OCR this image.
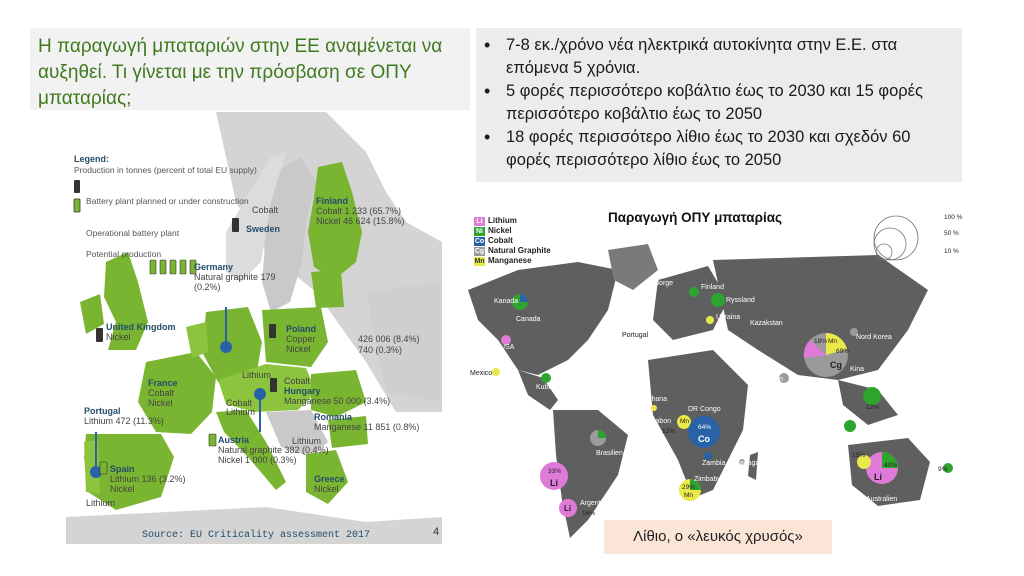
Η παραγωγή μπαταριών στην ΕΕ αναμένεται να αυξηθεί. Τι γίνεται με την πρόσβαση σε ΟΠΥ μπαταρίας;
• 7-8 εκ./χρόνο νέα ηλεκτρικά αυτοκίνητα στην Ε.Ε. στα επόμενα 5 χρόνια.
• 5 φορές περισσότερο κοβάλτιο έως το 2030 και 15 φορές περισσότερο κοβάλτιο έως το 2050
• 18 φορές περισσότερο λίθιο έως το 2030 και σχεδόν 60 φορές περισσότερο λίθιο έως το 2050
Legend:
Production in tonnes (percent of total EU supply)
Battery plant planned or under construction
Operational battery plant
Potential production
Finland
Cobalt 1 233 (65.7%)
Nickel 46 624 (15.8%)
Cobalt
Sweden
Germany
Natural graphite 179
(0.2%)
United Kingdom
Nickel
Poland
Copper
Nickel
426 006 (8.4%)
740 (0.3%)
Lithium
Cobalt
France
Cobalt
Nickel
Hungary
Manganese 50 000 (3.4%)
Cobalt
Lithium
Portugal
Lithium 472 (11.3%)	Romania
Manganese 11 851 (0.8%)
Austria
Natural graphite 382 (0.4%)
Nickel 1 000 (0.3%)
Lithium
Spain
Lithium 136 (3.2%)
Nickel
Greece
Nickel
Lithium
Source: EU Criticality assessment 2017	4
Παραγωγή ΟΠΥ μπαταρίας
Li Lithium
Ni Nickel
Co Cobalt
Cg Natural Graphite
Mn Manganese
100 %
50 %
10 %
Norge
Finland
Ryssland
Ukraina
Kanada
Canada
USA
Portugal
Kazakstan
Turkiet	Nord Korea
Kina
Indien
Mexico
Kuba
Guatemala
Colombia
Brasilien
Ghana
Gabon
DR Congo
Zambia
Zimbabwe
Madagaskar
Sydafrika
Chile
Argentina
Filippinerna
Malaysia
Indonesien
Australien
Nya Kaledonien
Cg
69%
Mn
18%
Co
64%
Li
33%
Li
16%
Li
40%
Mn
29%
Mn
12%
12%
9%
15%
Λίθιο, ο «λευκός χρυσός»
